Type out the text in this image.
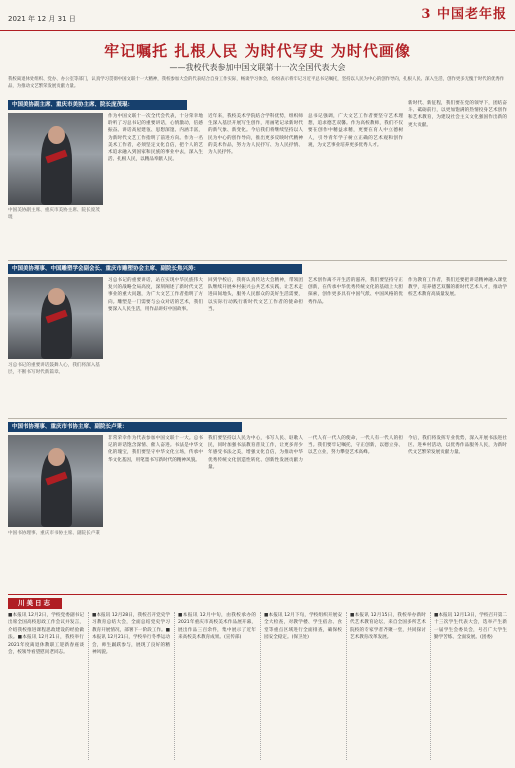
2021 年 12 月 31 日	3 中国老年报
牢记嘱托 扎根人民 为时代写史 为时代画像
——我校代表参加中国文联第十一次全国代表大会
我校离退休处组织、党办、办公室等部门，认真学习贯彻中国文联十一大精神，我校参加大会的代表结合自身工作实际，畅谈学习体会，纷纷表示将牢记习近平总书记嘱托，坚持以人民为中心的创作导向，扎根人民、深入生活，创作更多无愧于时代的优秀作品，为推动文艺繁荣发展贡献力量。
中国美协副主席、重庆市美协主席、院长庞茂琨：
中国美协副主席、重庆市美协主席、院长庞茂琨
作为中国文联十一次全代会代表，十分荣幸地聆听了习总书记的重要讲话，心情激动，倍感振奋。讲话高屋建瓴、思想深邃、内涵丰富，为新时代文艺工作指明了前进方向。作为一名美术工作者，必须坚定文化自信，把个人的艺术追求融入到国家和民族的事业中去，深入生活、扎根人民，以精品奉献人民。
近年来，我校美术学院结合学科优势，组织师生深入基层开展写生创作，用画笔记录新时代的新气象、新变化。今后我们将继续坚持以人民为中心的创作导向，推出更多反映时代精神的美术作品，努力为人民抒写、为人民抒情、为人民抒怀。
总书记强调，广大文艺工作者要坚守艺术理想，追求德艺双馨。作为高校教师，我们不仅要在创作中精益求精，更要在育人中立德树人，引导青年学子树立正确的艺术观和创作观，为文艺事业培养更多优秀人才。
新时代、新征程，我们要在党的领导下，团结奋斗、砥砺前行，以更加饱满的热情投身艺术创作和艺术教育，为建设社会主义文化强国作出新的更大贡献。
中国美协理事、中国雕塑学会副会长、重庆市雕塑协会主席、副院长焦兴涛：
习总书记的重要讲话鼓舞人心，我们将深入基层，不断书写时代新篇章。
习总书记的重要讲话，站在实现中华民族伟大复兴的战略全局高度，深刻阐述了新时代文艺事业的重大问题，为广大文艺工作者指明了方向。雕塑是一门需要与公众对话的艺术，我们要深入人民生活，用作品讲好中国故事。
回到学校后，我将认真传达大会精神，带领团队继续开展乡村振兴公共艺术实践，让艺术走进田间地头，服务人民群众的美好生活需要，以实际行动践行新时代文艺工作者的使命担当。
艺术创作离不开生活的滋养，我们要坚持守正创新，在传承中华优秀传统文化的基础上大胆探索，创作更多具有中国气派、中国风格的优秀作品。
作为教育工作者，我们还要把讲话精神融入课堂教学，培养德艺双馨的新时代艺术人才，推动学校艺术教育高质量发展。
中国书协理事、重庆市书协主席、副院长卢秉：
中国书协理事、重庆市书协主席、副院长卢秉
非常荣幸作为代表参加中国文联十一大。总书记的讲话饱含深情、催人奋进。书法是中华文化的瑰宝，我们要坚守中华文化立场，传承中华文化基因，用笔墨书写新时代的精神风貌。
我们要坚持以人民为中心，书写人民、讴歌人民，同时加强书法教育普及工作，让更多青少年感受书法之美，增强文化自信，为推动中华优秀传统文化创造性转化、创新性发展贡献力量。
一代人有一代人的使命，一代人有一代人的担当。我们要牢记嘱托，守正创新，以德立身、以艺立业，努力攀登艺术高峰。
今后，我们将发挥专业优势，深入开展书法进社区、进乡村活动，以优秀作品服务人民，为新时代文艺繁荣发展贡献力量。
川美日志
■本报讯 12月2日，学校党委副书记出席全国高校思政工作会议并发言，介绍我校推进课程思政建设的经验做法。■本报讯 12月21日，我校举行2021年度离退休教职工迎新春座谈会，校领导看望慰问老同志。
■本报讯 12月28日，我校召开党史学习教育总结大会，全面总结党史学习教育开展情况，部署下一阶段工作。■本报讯 12月21日，学校举行冬季运动会，师生踊跃参与，展现了良好的精神风貌。
■本报讯 12月中旬，由我校承办的2021年重庆市高校美术作品展开幕，展出作品三百余件，集中展示了近年来高校美术教育成果。(宣传部)
■本报讯 12月下旬，学校组织开展安全大检查，对教学楼、学生宿舍、食堂等重点区域进行全面排查，确保校园安全稳定。(保卫处)
■本报讯 12月15日，我校举办新时代艺术教育论坛，来自全国多所艺术院校的专家学者齐聚一堂，共同探讨艺术教育改革发展。
■本报讯 12月13日，学校召开第二十三次学生代表大会，选举产生新一届学生会委员会，号召广大学生勤学苦练、全面发展。(团委)
